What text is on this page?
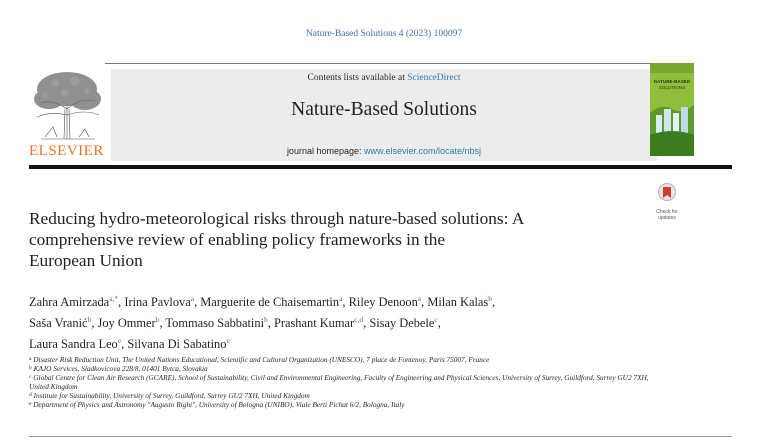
Nature-Based Solutions 4 (2023) 100097
ELSEVIER
Contents lists available at ScienceDirect
Nature-Based Solutions
journal homepage: www.elsevier.com/locate/nbsj
NATURE-BASED
SOLUTIONS
Check for
updates
Reducing hydro-meteorological risks through nature-based solutions: A
comprehensive review of enabling policy frameworks in the
European Union
Zahra Amirzada$^{a,*}$, Irina Pavlova$^a$, Marguerite de Chaisemartin$^a$, Riley Denoon$^a$, Milan Kalas$^b$,
Saša Vranić$^b$, Joy Ommer$^b$, Tommaso Sabbatini$^b$, Prashant Kumar$^{c,d}$, Sisay Debele$^c$,
Laura Sandra Leo$^e$, Silvana Di Sabatino$^e$
$^a$ Disaster Risk Reduction Unit, The United Nations Educational, Scientific and Cultural Organization (UNESCO), 7 place de Fontenoy, Paris 75007, France
$^b$ KAJO Services, Sladkovicova 228/8, 01401 Bytca, Slovakia
$^c$ Global Centre for Clean Air Research (GCARE), School of Sustainability, Civil and Environmental Engineering, Faculty of Engineering and Physical Sciences, University of Surrey, Guildford, Surrey GU2 7XH, United Kingdom
$^d$ Institute for Sustainability, University of Surrey, Guildford, Surrey GU2 7XH, United Kingdom
$^e$ Department of Physics and Astronomy "Augusto Righi", University of Bologna (UNIBO), Viale Berti Pichat 6/2, Bologna, Italy
